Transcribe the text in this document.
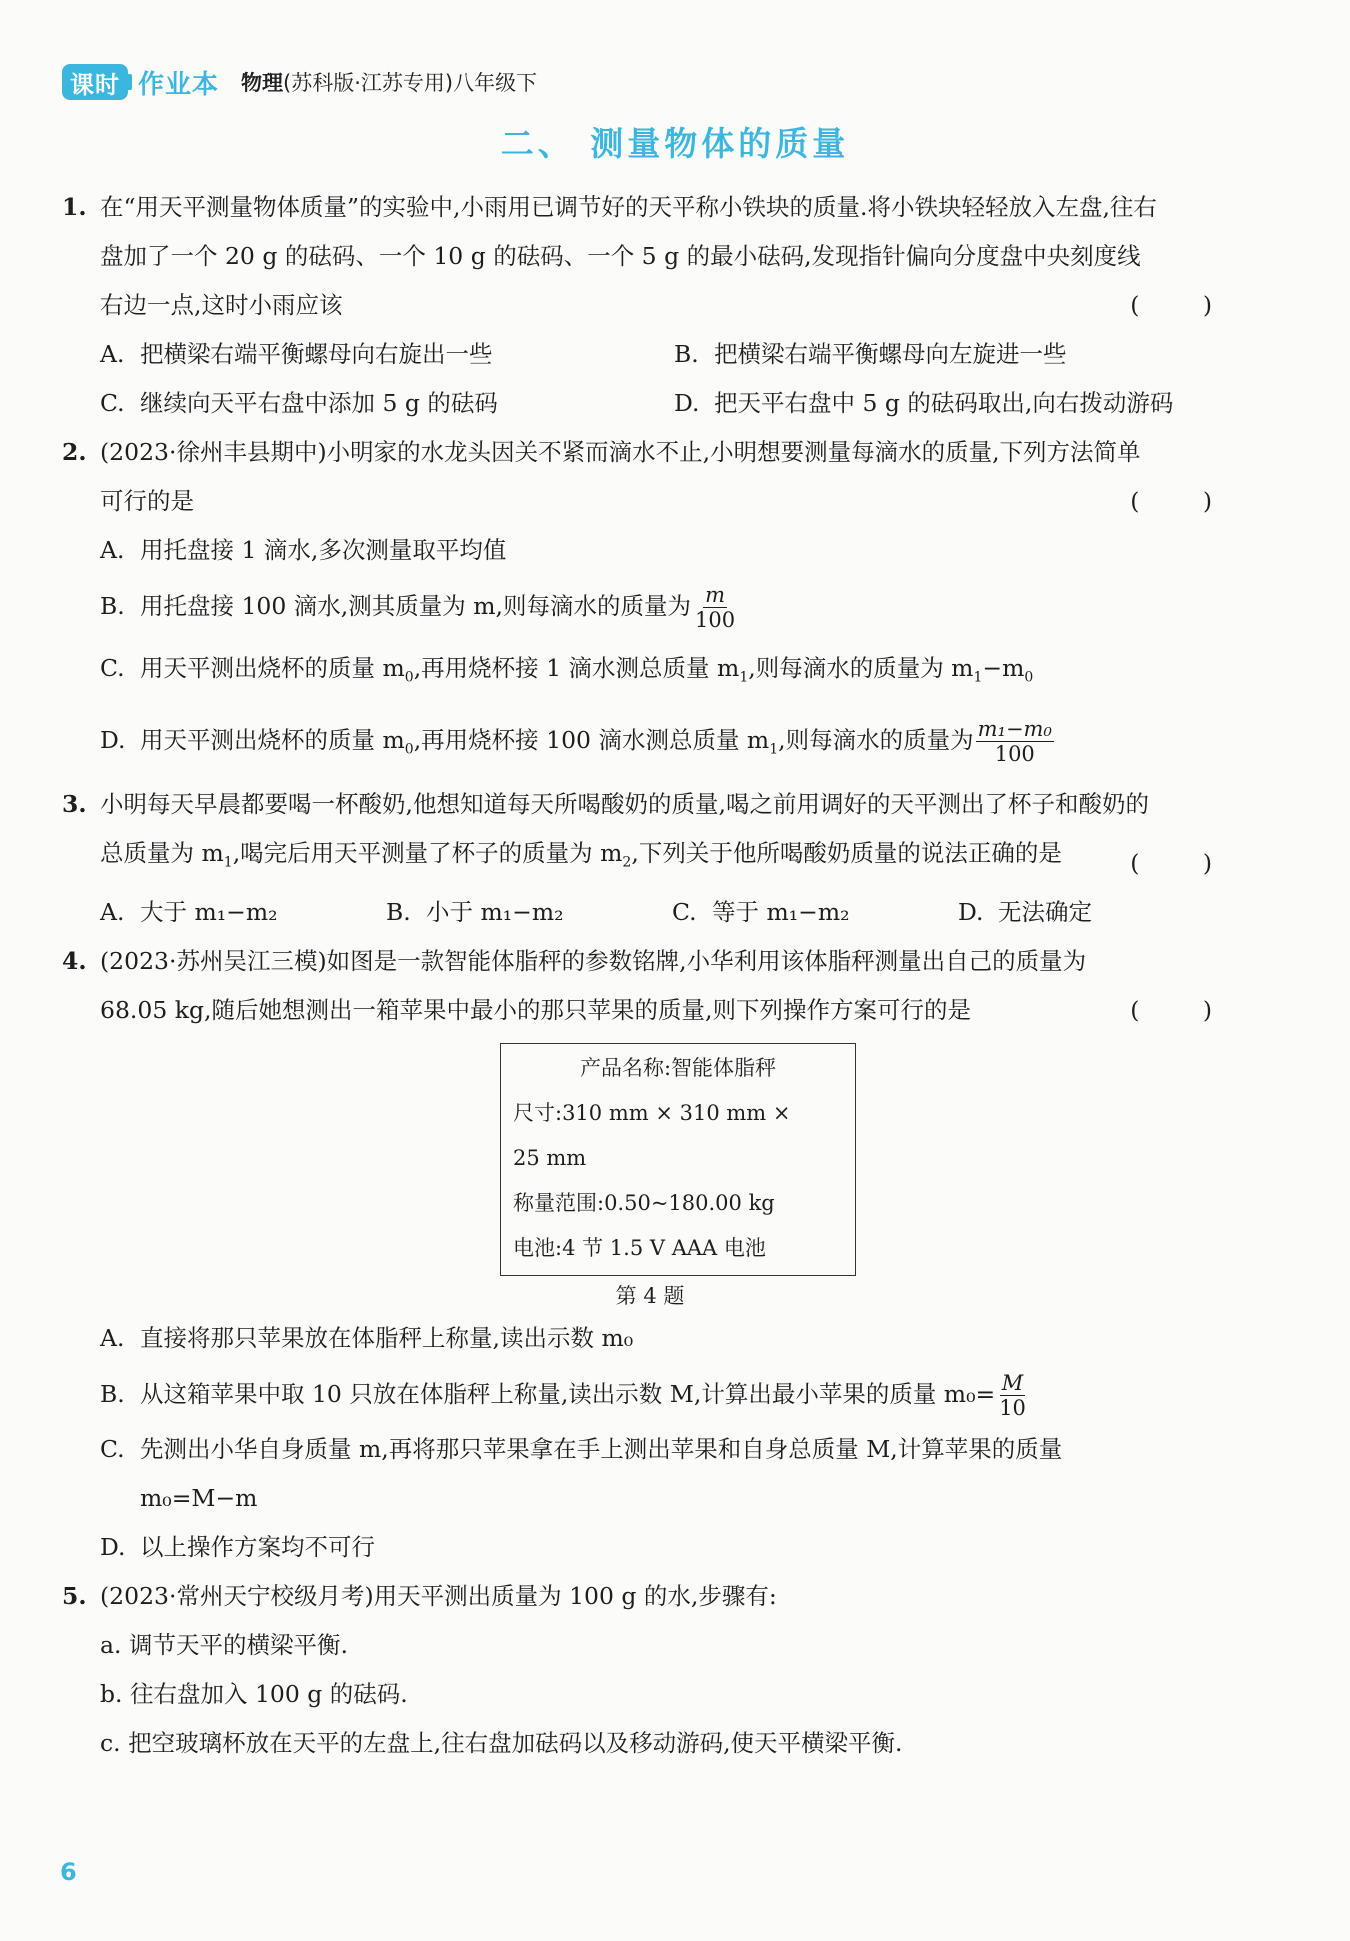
课时 作业本 物理(苏科版·江苏专用)八年级下
二、 测量物体的质量
1. 在“用天平测量物体质量”的实验中,小雨用已调节好的天平称小铁块的质量.将小铁块轻轻放入左盘,往右盘加了一个 20 g 的砝码、一个 10 g 的砝码、一个 5 g 的最小砝码,发现指针偏向分度盘中央刻度线右边一点,这时小雨应该	( )
A. 把横梁右端平衡螺母向右旋出一些	B. 把横梁右端平衡螺母向左旋进一些
C. 继续向天平右盘中添加 5 g 的砝码	D. 把天平右盘中 5 g 的砝码取出,向右拨动游码
2. (2023·徐州丰县期中)小明家的水龙头因关不紧而滴水不止,小明想要测量每滴水的质量,下列方法简单可行的是	( )
A. 用托盘接 1 滴水,多次测量取平均值
B. 用托盘接 100 滴水,测其质量为 m,则每滴水的质量为 $\frac{m}{100}$
C. 用天平测出烧杯的质量 $m_0$,再用烧杯接 1 滴水测总质量 $m_1$,则每滴水的质量为 $m_1-m_0$
D. 用天平测出烧杯的质量 $m_0$,再用烧杯接 100 滴水测总质量 $m_1$,则每滴水的质量为 $\frac{\text{m₁−m₀}}{100}$
3. 小明每天早晨都要喝一杯酸奶,他想知道每天所喝酸奶的质量,喝之前用调好的天平测出了杯子和酸奶的总质量为 $m_1$,喝完后用天平测量了杯子的质量为 $m_2$,下列关于他所喝酸奶质量的说法正确的是	( )
A. 大于 m₁−m₂	B. 小于 m₁−m₂	C. 等于 m₁−m₂	D. 无法确定
4. (2023·苏州吴江三模)如图是一款智能体脂秤的参数铭牌,小华利用该体脂秤测量出自己的质量为 68.05 kg,随后她想测出一箱苹果中最小的那只苹果的质量,则下列操作方案可行的是	( )
产品名称:智能体脂秤
尺寸:310 mm × 310 mm ×
25 mm
称量范围:0.50~180.00 kg
电池:4 节 1.5 V AAA 电池
第 4 题
A. 直接将那只苹果放在体脂秤上称量,读出示数 m₀
B. 从这箱苹果中取 10 只放在体脂秤上称量,读出示数 M,计算出最小苹果的质量 $m_0= \frac{M}{10}$
C. 先测出小华自身质量 m,再将那只苹果拿在手上测出苹果和自身总质量 M,计算苹果的质量
m₀=M−m
D. 以上操作方案均不可行
5. (2023·常州天宁校级月考)用天平测出质量为 100 g 的水,步骤有:
a. 调节天平的横梁平衡.
b. 往右盘加入 100 g 的砝码.
c. 把空玻璃杯放在天平的左盘上,往右盘加砝码以及移动游码,使天平横梁平衡.
6
